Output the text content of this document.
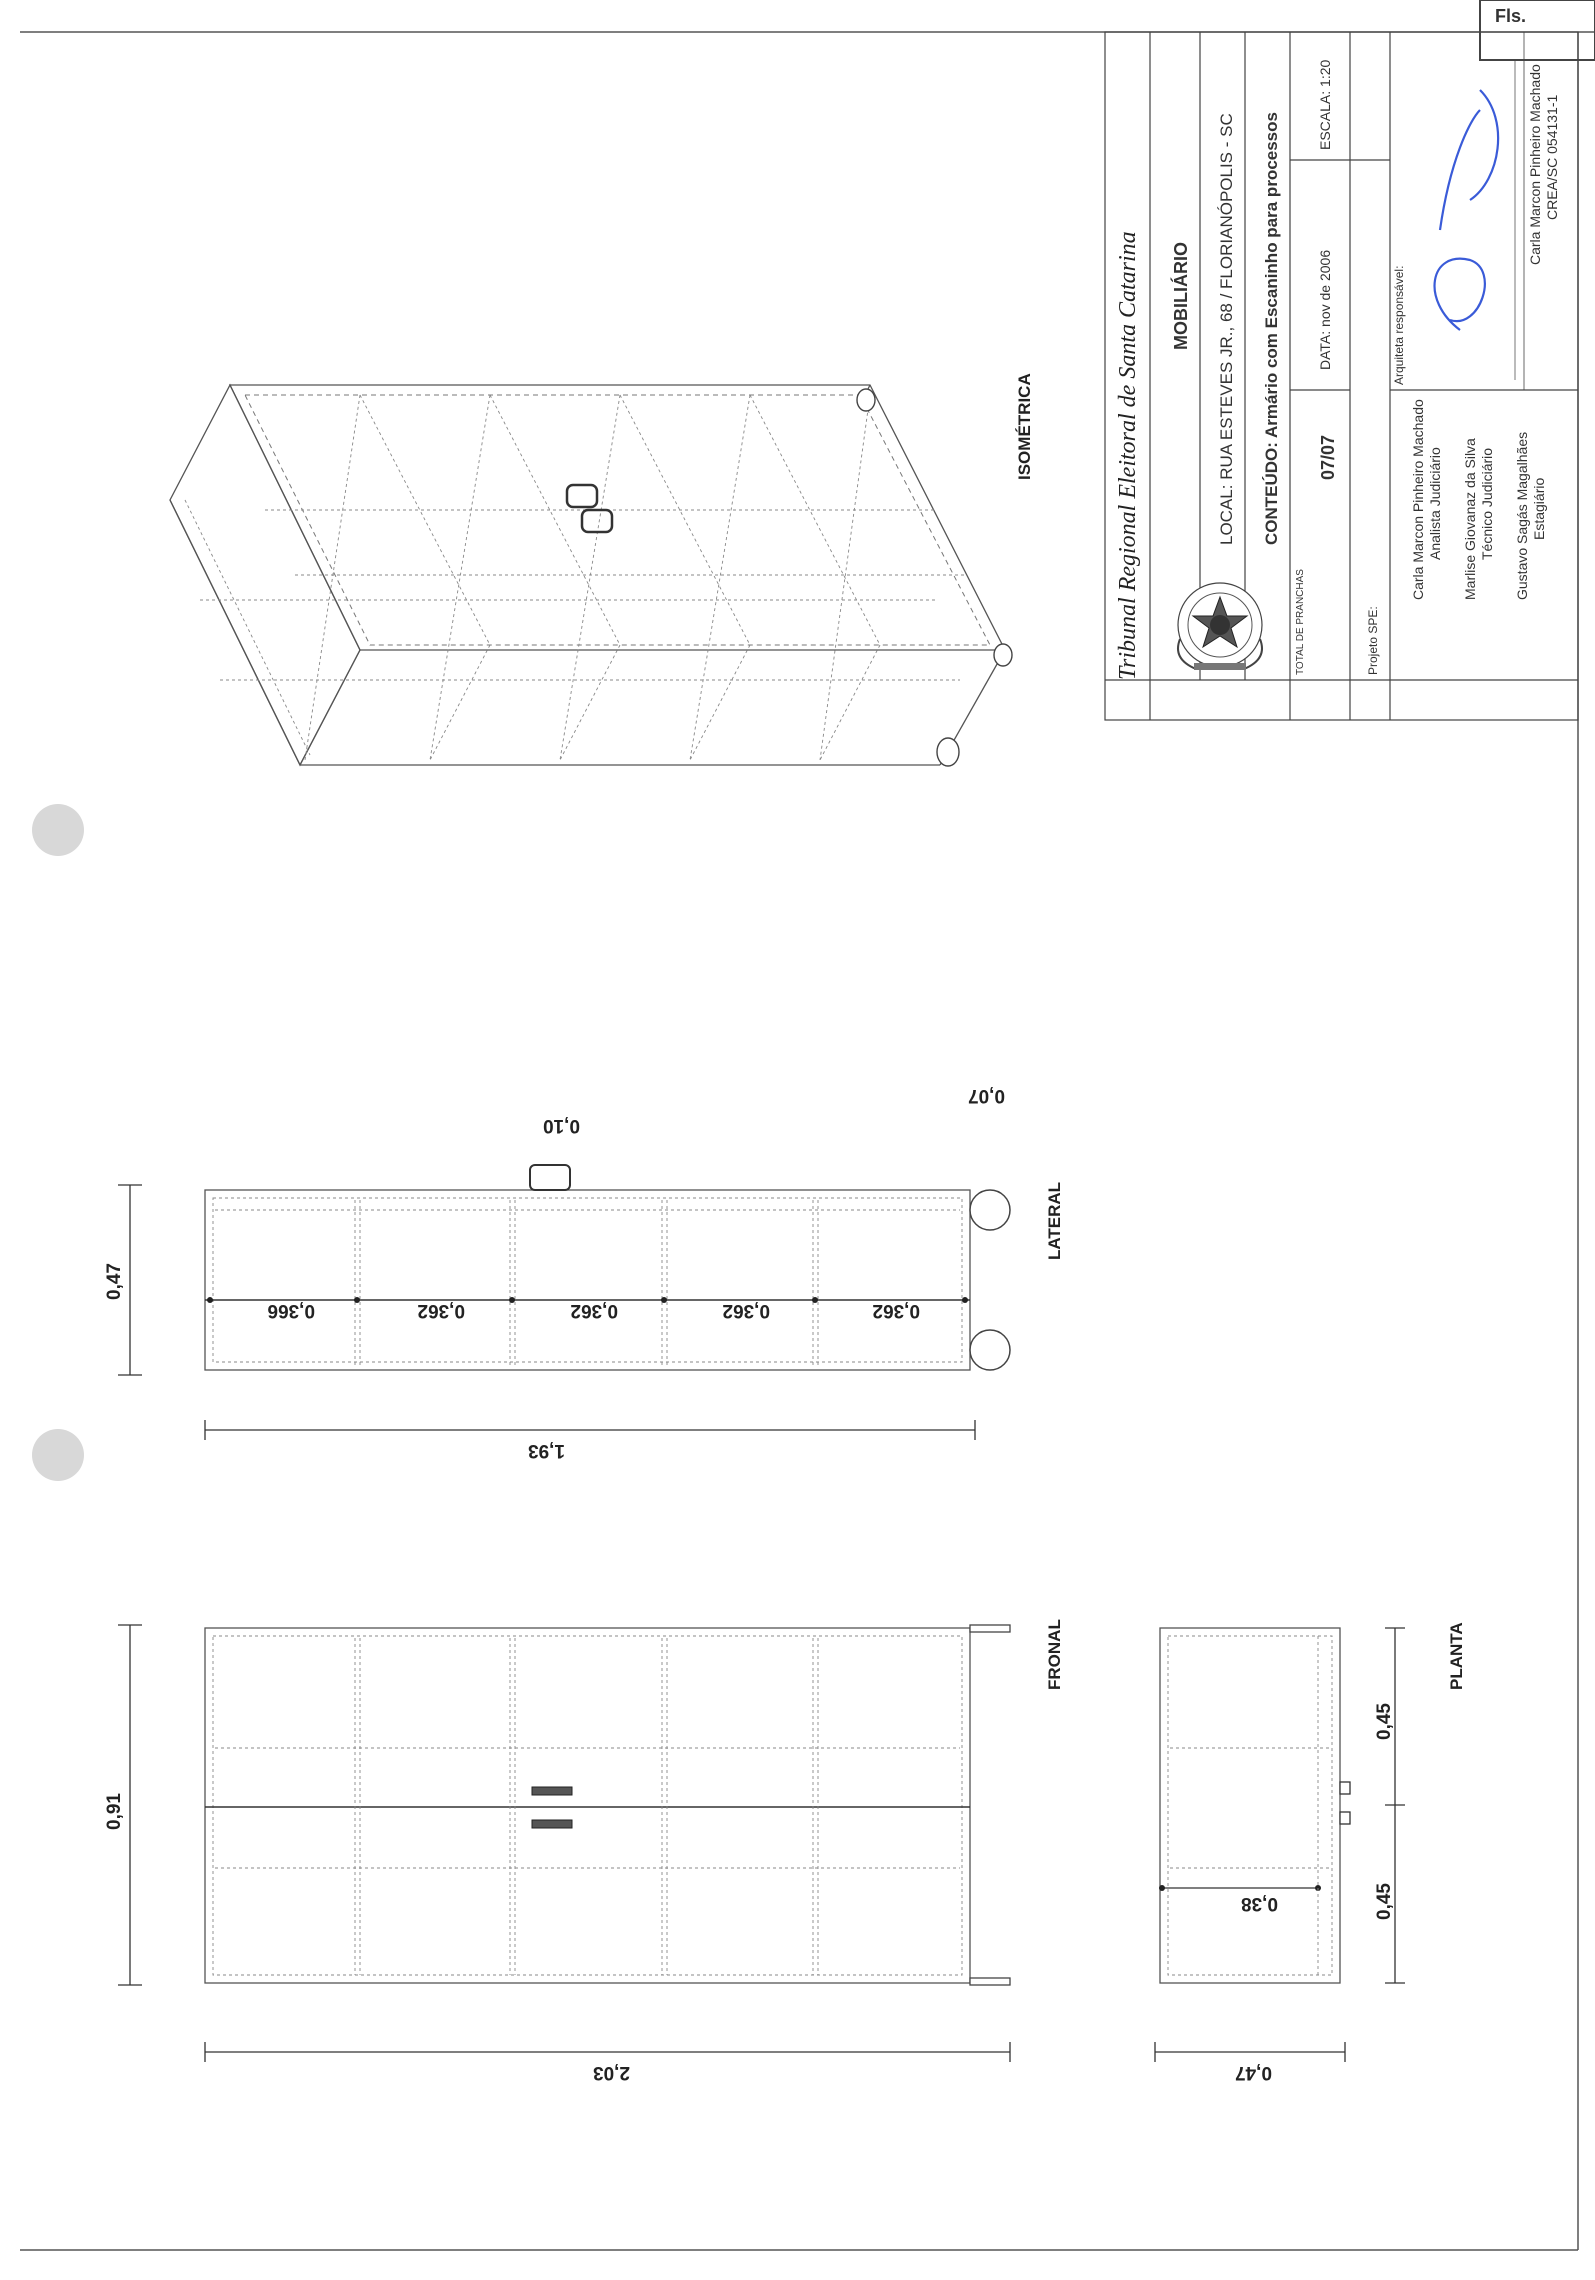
Tribunal Regional Eleitoral de Santa Catarina MOBILIÁRIO LOCAL: RUA ESTEVES JR., 68 / FLORIANÓPOLIS - SC CONTEÚDO: Armário com Escaninho para processos
TOTAL DE PRANCHAS
07/07
DATA: nov de 2006
ESCALA: 1:20
Projeto SPE:
Carla Marcon Pinheiro Machado Analista Judiciário Marlise Giovanaz da Silva Técnico Judiciário Gustavo Sagás Magalhães Estagiário
Arquiteta responsável:
Carla Marcon Pinheiro Machado CREA/SC 054131-1
Fls.
ISOMÉTRICA
0,47
1,93
0,10
0,07
0,366	0,362	0,362	0,362	0,362
LATERAL
0,91
2,03
FRONAL
0,45
0,45
0,38
0,47
PLANTA
